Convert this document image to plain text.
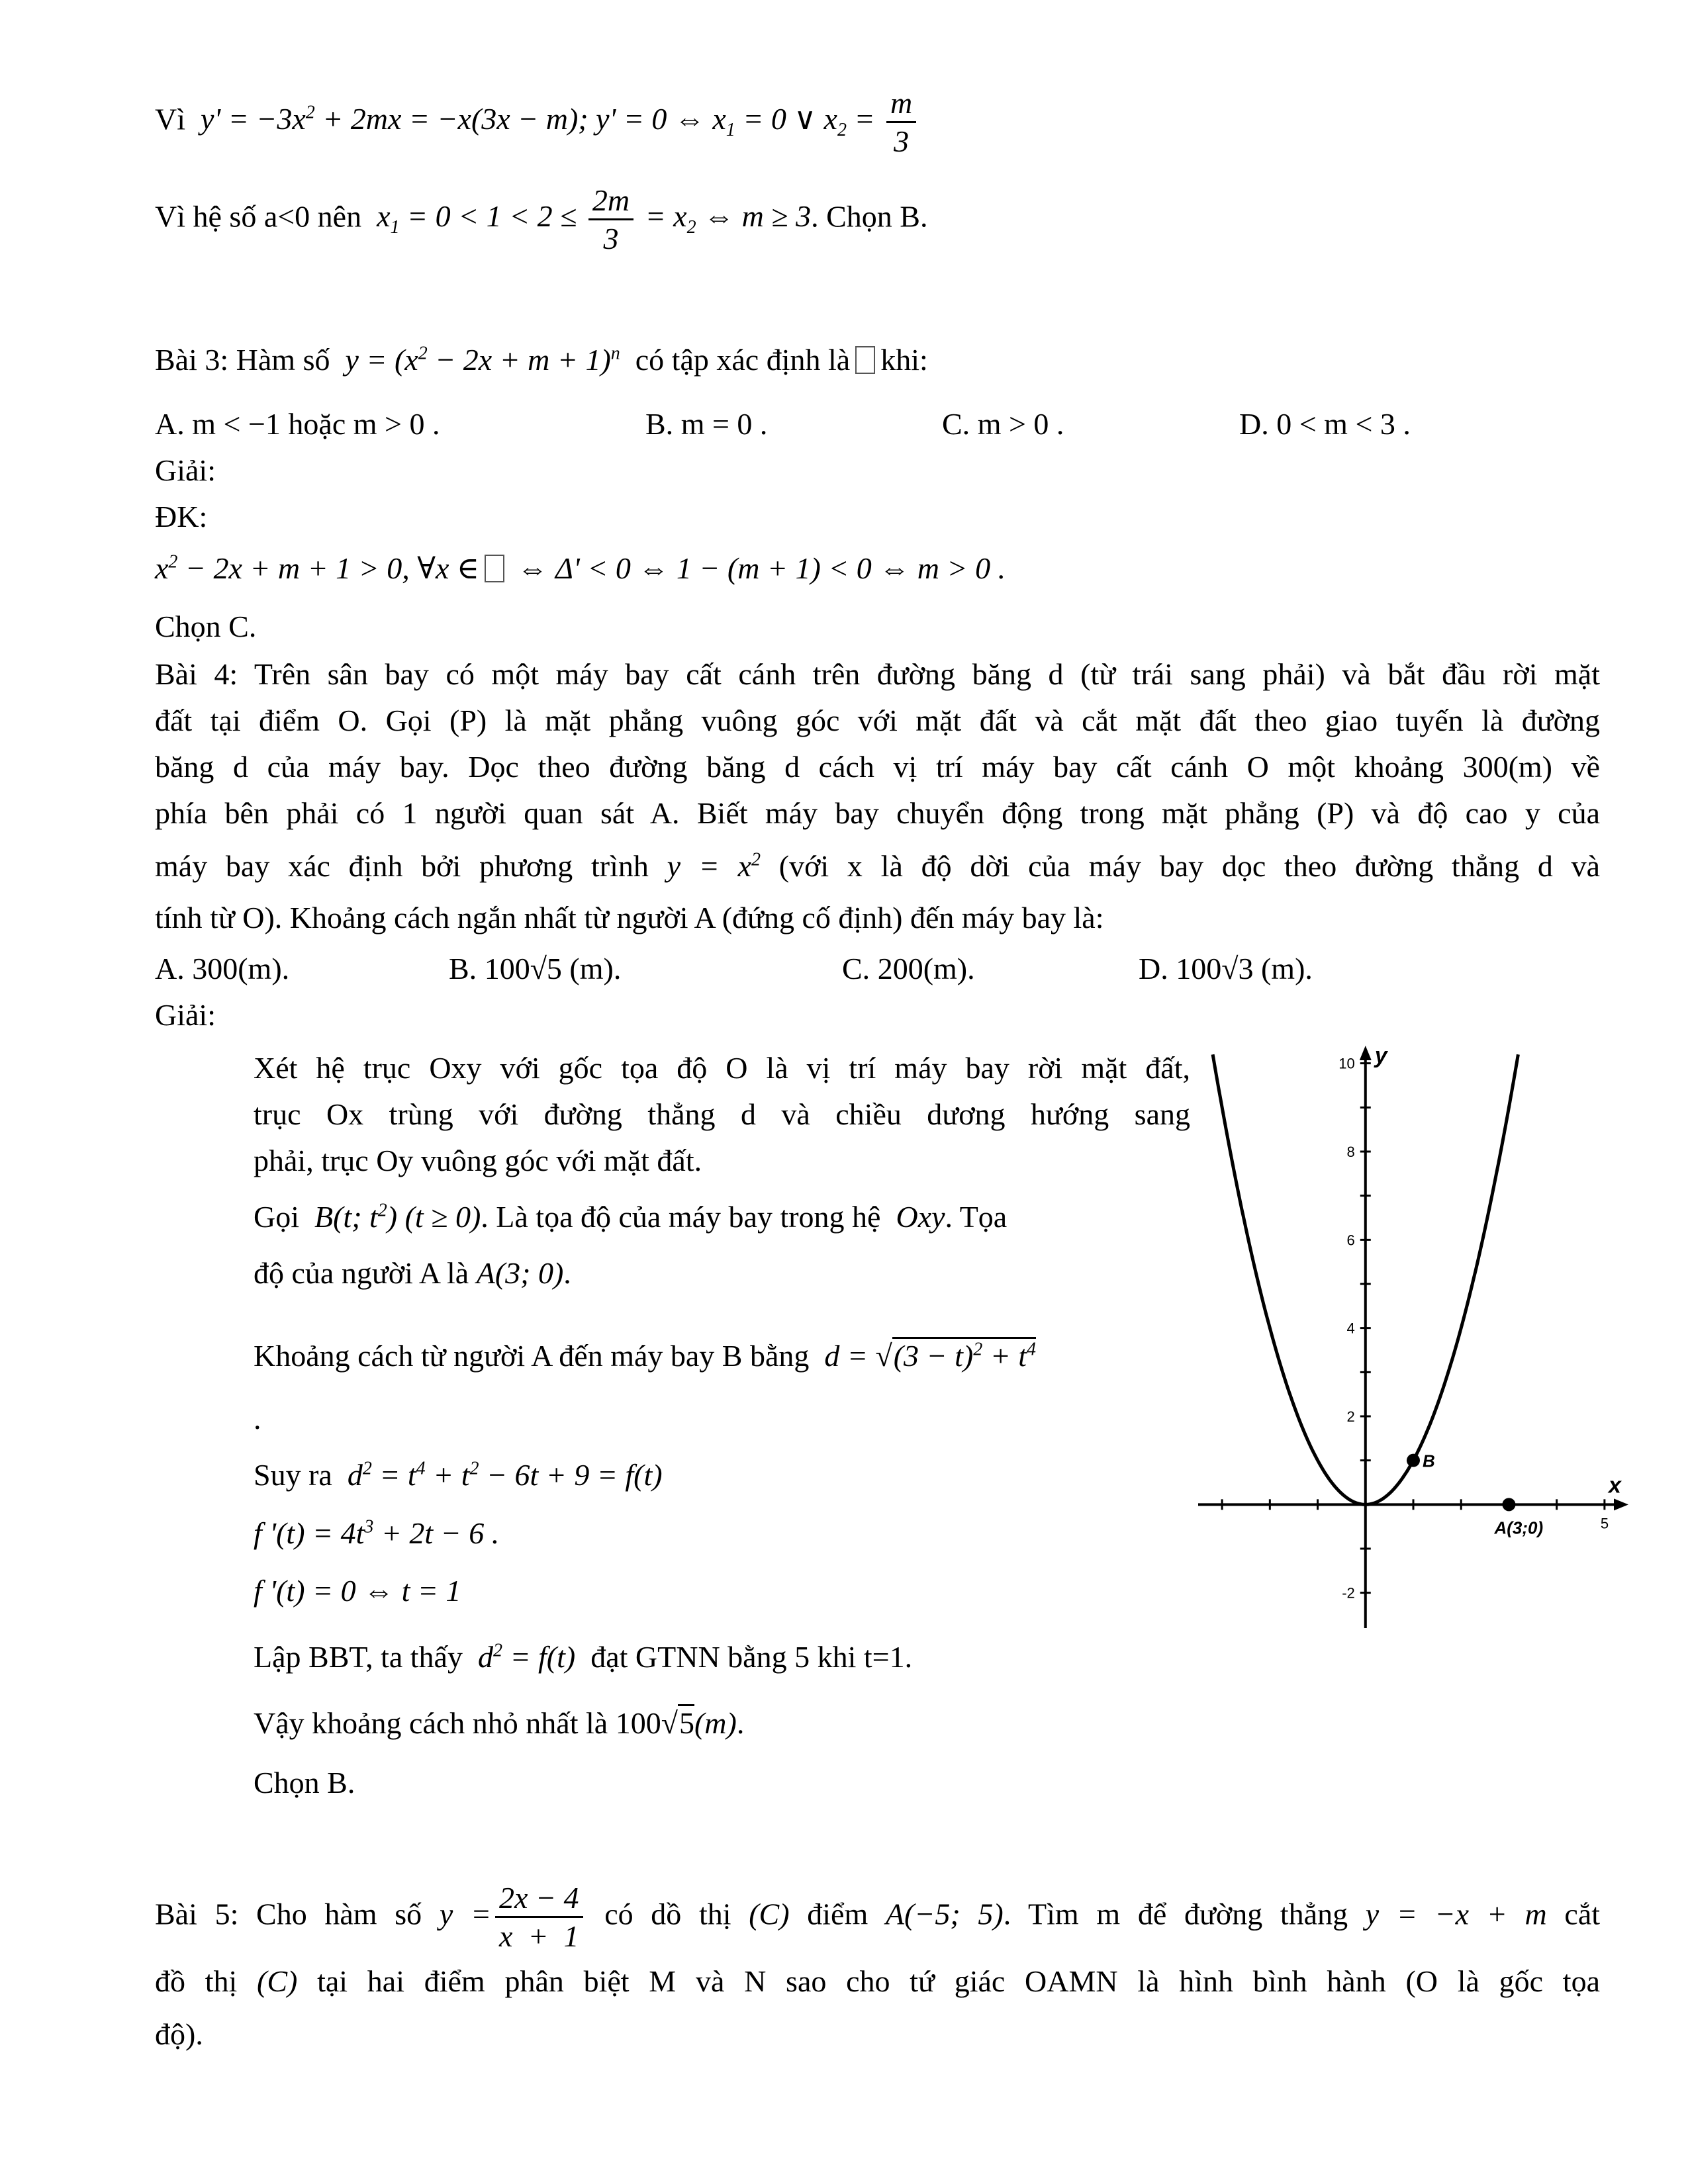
Vì  $y' = -3x^2 + 2mx = -x(3x - m)$; y' = 0 ⇔ $x_1 = 0$ ∨ $x_2 = \frac{m}{3}$
Vì hệ số a<0 nên  $x_1 = 0 < 1 < 2 \le \frac{2m}{3} = x_2$ ⇔ m ≥ 3. Chọn B.
Bài 3: Hàm số  $y = (x^2 - 2x + m + 1)^n$ có tập xác định là khi:
A. m < −1 hoặc m > 0 .	B. m = 0 .	C. m > 0 .	D. 0 < m < 3 .
Giải:
ĐK:
$x^2 - 2x + m + 1 > 0$, ∀x ∈ ⇔ Δ' < 0 ⇔ 1 − (m + 1) < 0 ⇔ m > 0 .
Chọn C.
Bài 4: Trên sân bay có một máy bay cất cánh trên đường băng d (từ trái sang phải) và bắt đầu rời mặt
đất tại điểm O. Gọi (P) là mặt phẳng vuông góc với mặt đất và cắt mặt đất theo giao tuyến là đường
băng d của máy bay. Dọc theo đường băng d cách vị trí máy bay cất cánh O một khoảng 300(m) về
phía bên phải có 1 người quan sát A. Biết máy bay chuyển động trong mặt phẳng (P) và độ cao y của
máy bay xác định bởi phương trình $y = x^2$ (với x là độ dời của máy bay dọc theo đường thẳng d và
tính từ O). Khoảng cách ngắn nhất từ người A (đứng cố định) đến máy bay là:
A. 300(m).	B. 100√5 (m).	C. 200(m).	D. 100√3 (m).
Giải:
Xét hệ trục Oxy với gốc tọa độ O là vị trí máy bay rời mặt đất,
trục Ox trùng với đường thẳng d và chiều dương hướng sang
phải, trục Oy vuông góc với mặt đất.
Gọi  B(t; $t^2$) (t ≥ 0). Là tọa độ của máy bay trong hệ  Oxy. Tọa
độ của người A là A(3; 0).
Khoảng cách từ người A đến máy bay B bằng  $d = √(3 - t)^2 + t^4$
.
Suy ra  $d^2 = t^4 + t^2 - 6t + 9 = f(t)$
f '$(t) = 4t^3 + 2t - 6$ .
f '(t) = 0 ⇔ t = 1
Lập BBT, ta thấy  $d^2 = f(t)$  đạt GTNN bằng 5 khi t=1.
Vậy khoảng cách nhỏ nhất là 100√5(m).
Chọn B.
x
y
5
10
8
6
4
2
-2
B
A(3;0)
Bài 5: Cho hàm số $y = \frac{2x - 4}{x + 1}$ có dồ thị (C) điểm A(−5; 5). Tìm m để đường thẳng y = −x + m cắt
đồ thị (C) tại hai điểm phân biệt M và N sao cho tứ giác OAMN là hình bình hành (O là gốc tọa
độ).
